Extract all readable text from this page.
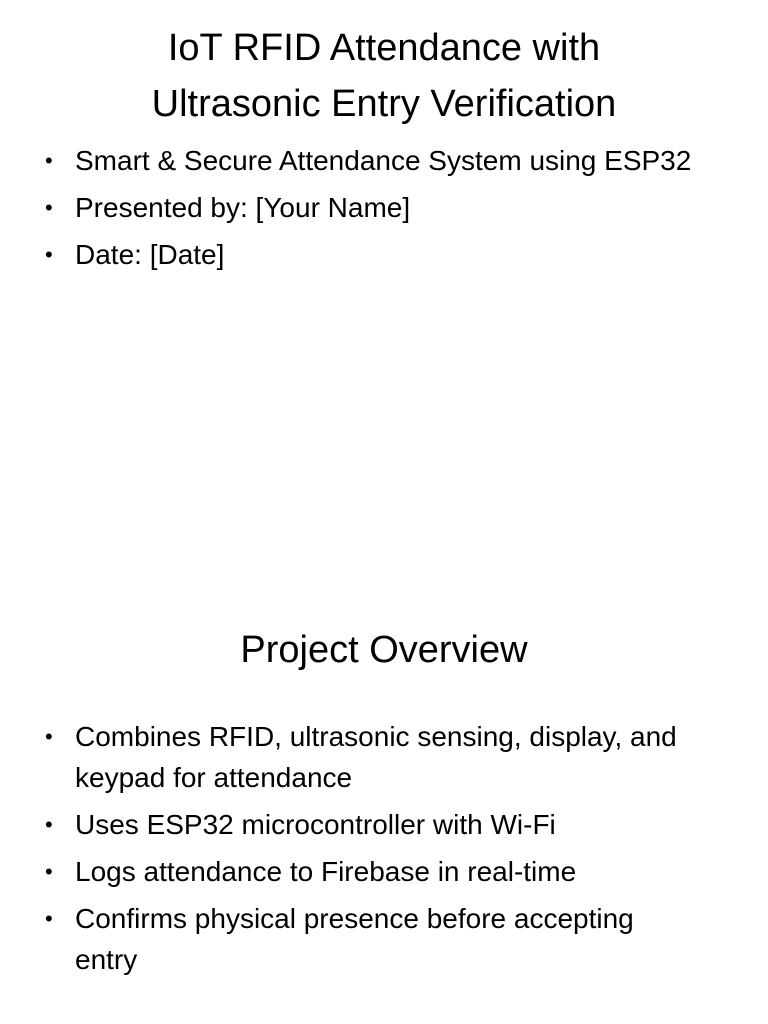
IoT RFID Attendance with
Ultrasonic Entry Verification
• Smart & Secure Attendance System using ESP32
• Presented by: [Your Name]
• Date: [Date]
Project Overview
• Combines RFID, ultrasonic sensing, display, and keypad for attendance
• Uses ESP32 microcontroller with Wi-Fi
• Logs attendance to Firebase in real-time
• Confirms physical presence before accepting entry
